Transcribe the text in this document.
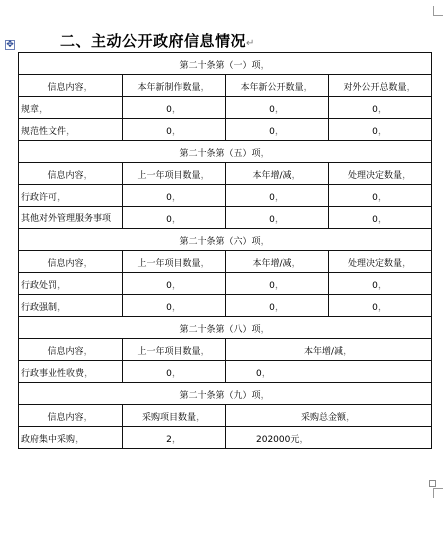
✥	二、主动公开政府信息情况↵
第二十条第（一）项，			
信息内容，	本年新制作数量，	本年新公开数量，	对外公开总数量，
规章，	0，	0，	0，
规范性文件，	0，	0，	0，
第二十条第（五）项，			
信息内容，	上一年项目数量，	本年增/减，	处理决定数量，
行政许可，	0，	0，	0，
其他对外管理服务事项	0，	0，	0，
第二十条第（六）项，			
信息内容，	上一年项目数量，	本年增/减，	处理决定数量，
行政处罚，	0，	0，	0，
行政强制，	0，	0，	0，
第二十条第（八）项，			
信息内容，	上一年项目数量，	本年增/减，	
行政事业性收费，	0，	0，	
第二十条第（九）项，			
信息内容，	采购项目数量，	采购总金额，	
政府集中采购，	2，	202000元，	
